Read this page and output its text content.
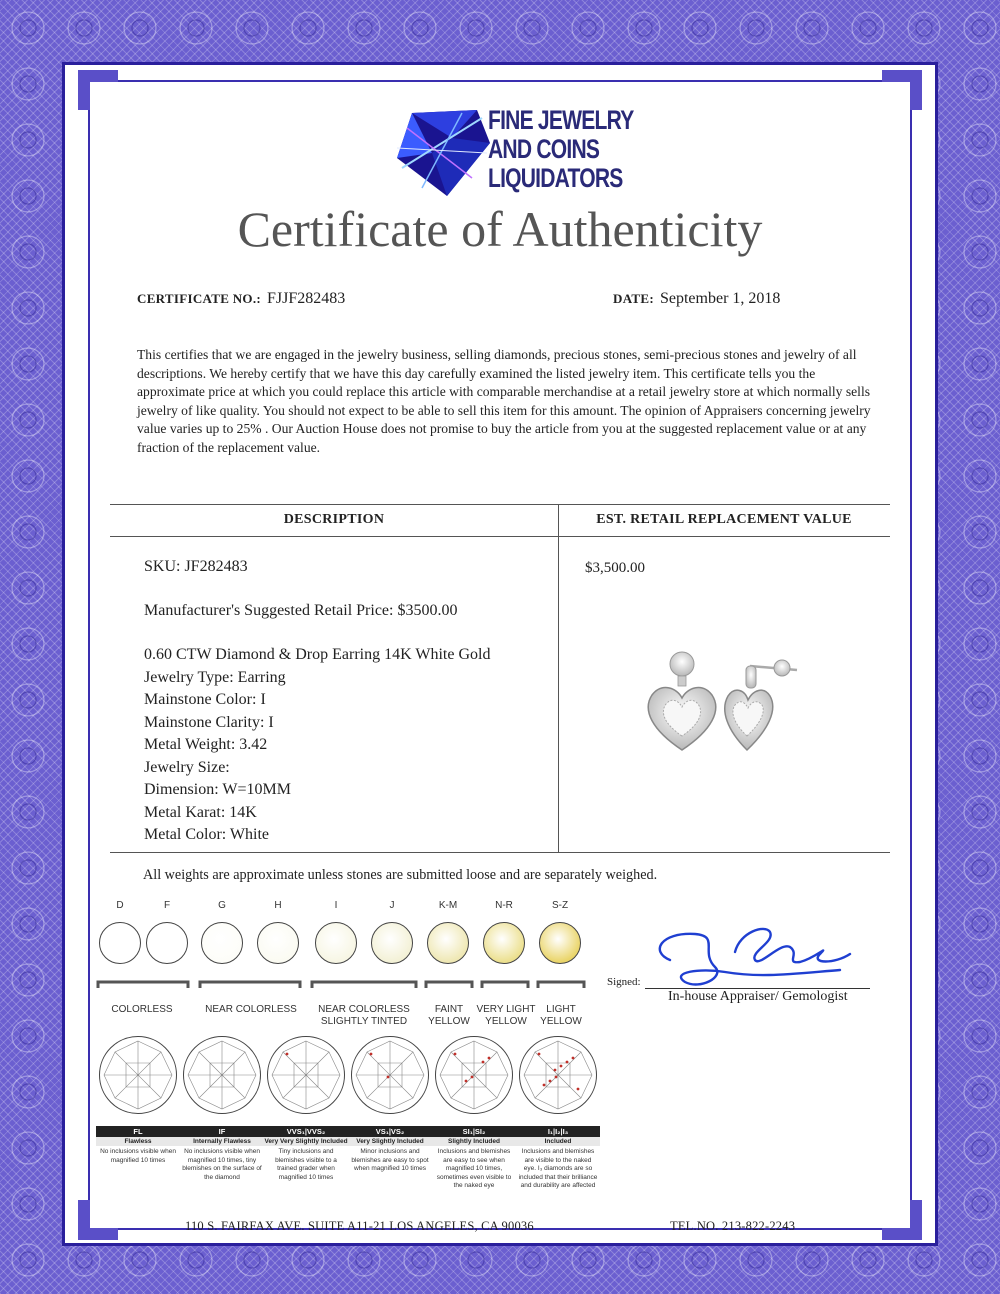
FINE JEWELRY
AND COINS
LIQUIDATORS
Certificate of Authenticity
CERTIFICATE NO.: FJJF282483	DATE: September 1, 2018

This certifies that we are engaged in the jewelry business, selling diamonds, precious stones, semi-precious stones and jewelry of all descriptions. We hereby certify that we have this day carefully examined the listed jewelry item. This certificate tells you the approximate price at which you could replace this article with comparable merchandise at a retail jewelry store at which normally sells jewelry of like quality. You should not expect to be able to sell this item for this amount. The opinion of Appraisers concerning jewelry value varies up to 25% . Our Auction House does not promise to buy the article from you at the suggested replacement value or at any fraction of the replacement value.

DESCRIPTION	EST. RETAIL REPLACEMENT VALUE
SKU: JF282483
Manufacturer's Suggested Retail Price: $3500.00
0.60 CTW Diamond & Drop Earring 14K White Gold
Jewelry Type: Earring
Mainstone Color: I
Mainstone Clarity: I
Metal Weight: 3.42
Jewelry Size:
Dimension: W=10MM
Metal Karat: 14K
Metal Color: White
$3,500.00
All weights are approximate unless stones are submitted loose and are separately weighed.
D	F	G	H	I	J	K-M	N-R	S-Z
COLORLESS	NEAR COLORLESS	NEAR COLORLESS
SLIGHTLY TINTED
FAINT
YELLOW
VERY LIGHT
YELLOW
LIGHT
YELLOW
FL
Flawless
No inclusions visible when magnified 10 times
IF
Internally Flawless
No inclusions visible when magnified 10 times, tiny blemishes on the surface of the diamond
VVS₁|VVS₂
Very Very Slightly Included
Tiny inclusions and blemishes visible to a trained grader when magnified 10 times
VS₁|VS₂
Very Slightly Included
Minor inclusions and blemishes are easy to spot when magnified 10 times
SI₁|SI₂
Slightly Included
Inclusions and blemishes are easy to see when magnified 10 times, sometimes even visible to the naked eye
I₁|I₂|I₃
Included
Inclusions and blemishes are visible to the naked eye. I₃ diamonds are so included that their brilliance and durability are affected
Signed:
In-house Appraiser/ Gemologist
110 S. FAIRFAX AVE. SUITE A11-21 LOS ANGELES, CA 90036	TEL.NO. 213-822-2243
